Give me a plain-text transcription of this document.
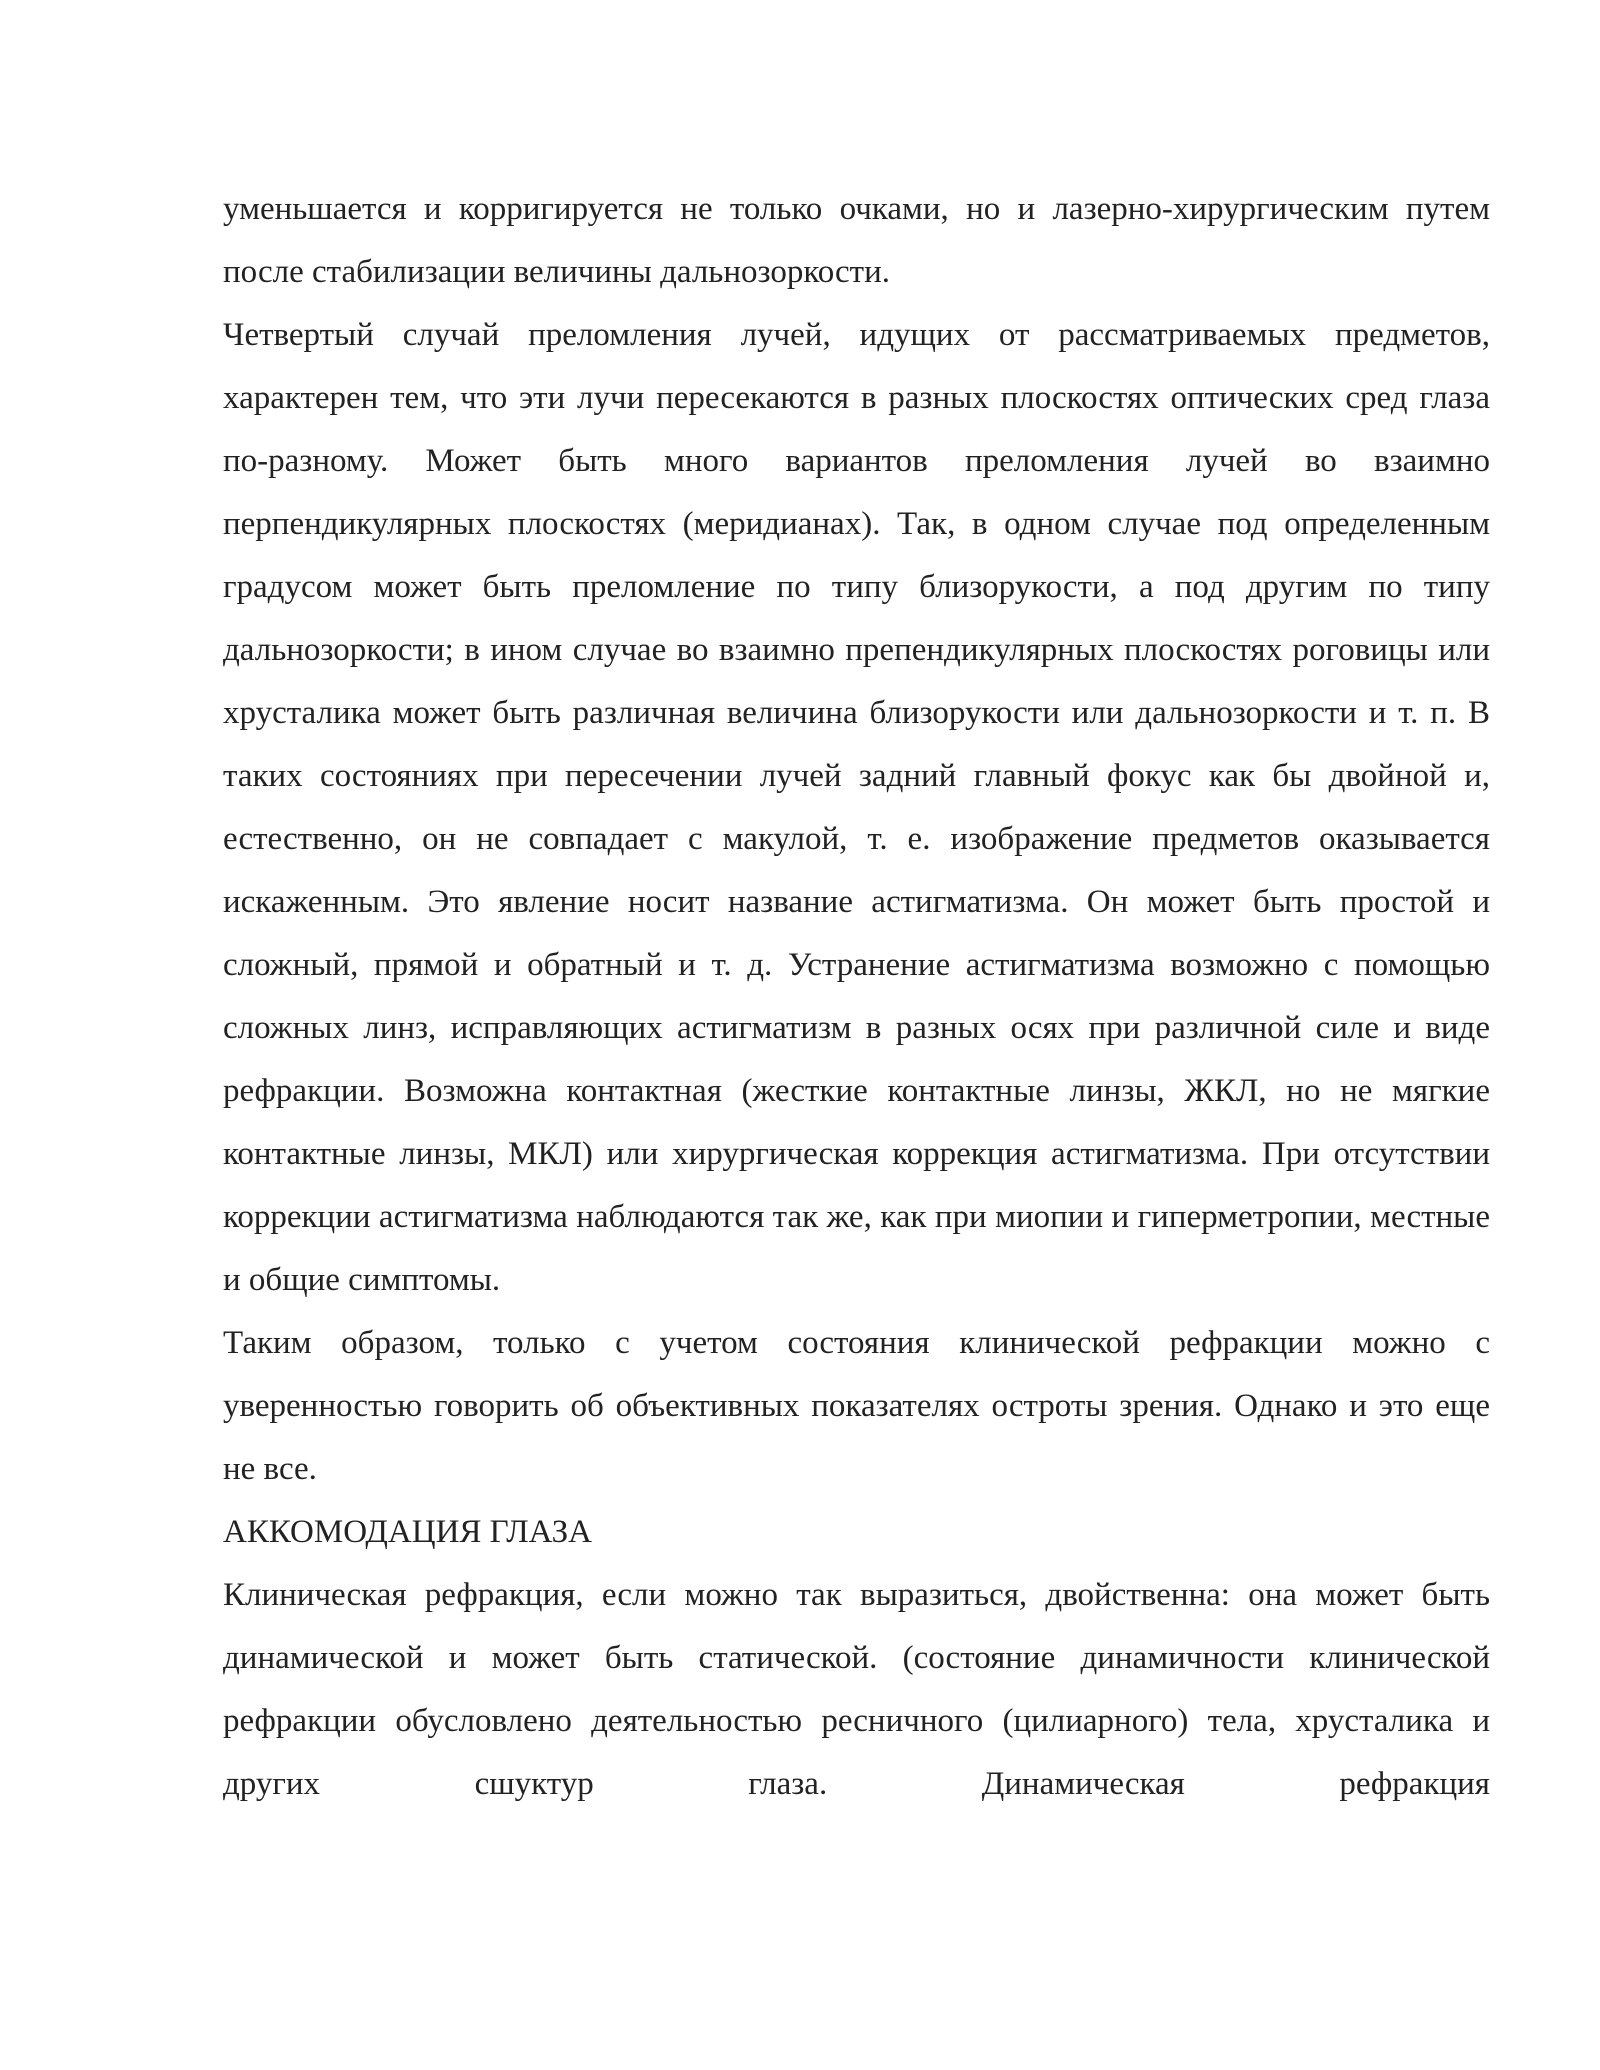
уменьшается и корригируется не только очками, но и лазерно-хирургическим путем после стабилизации величины дальнозоркости.

Четвертый случай преломления лучей, идущих от рассматриваемых предметов, характерен тем, что эти лучи пересекаются в разных плоскостях оптических сред глаза по-разному. Может быть много вариантов преломления лучей во взаимно перпендикулярных плоскостях (меридианах). Так, в одном случае под определенным градусом может быть преломление по типу близорукости, а под другим по типу дальнозоркости; в ином случае во взаимно препендикулярных плоскостях роговицы или хрусталика может быть различная величина близорукости или дальнозоркости и т. п. В таких состояниях при пересечении лучей задний главный фокус как бы двойной и, естественно, он не совпадает с макулой, т. е. изображение предметов оказывается искаженным. Это явление носит название астигматизма. Он может быть простой и сложный, прямой и обратный и т. д. Устранение астигматизма возможно с помощью сложных линз, исправляющих астигматизм в разных осях при различной силе и виде рефракции. Возможна контактная (жесткие контактные линзы, ЖКЛ, но не мягкие контактные линзы, МКЛ) или хирургическая коррекция астигматизма. При отсутствии коррекции астигматизма наблюдаются так же, как при миопии и гиперметропии, местные и общие симптомы.

Таким образом, только с учетом состояния клинической рефракции можно с уверенностью говорить об объективных показателях остроты зрения. Однако и это еще не все.

АККОМОДАЦИЯ ГЛАЗА

Клиническая рефракция, если можно так выразиться, двойственна: она может быть динамической и может быть статической. (состояние динамичности клинической рефракции обусловлено деятельностью ресничного (цилиарного) тела, хрусталика и других сшуктур глаза. Динамическая рефракция
